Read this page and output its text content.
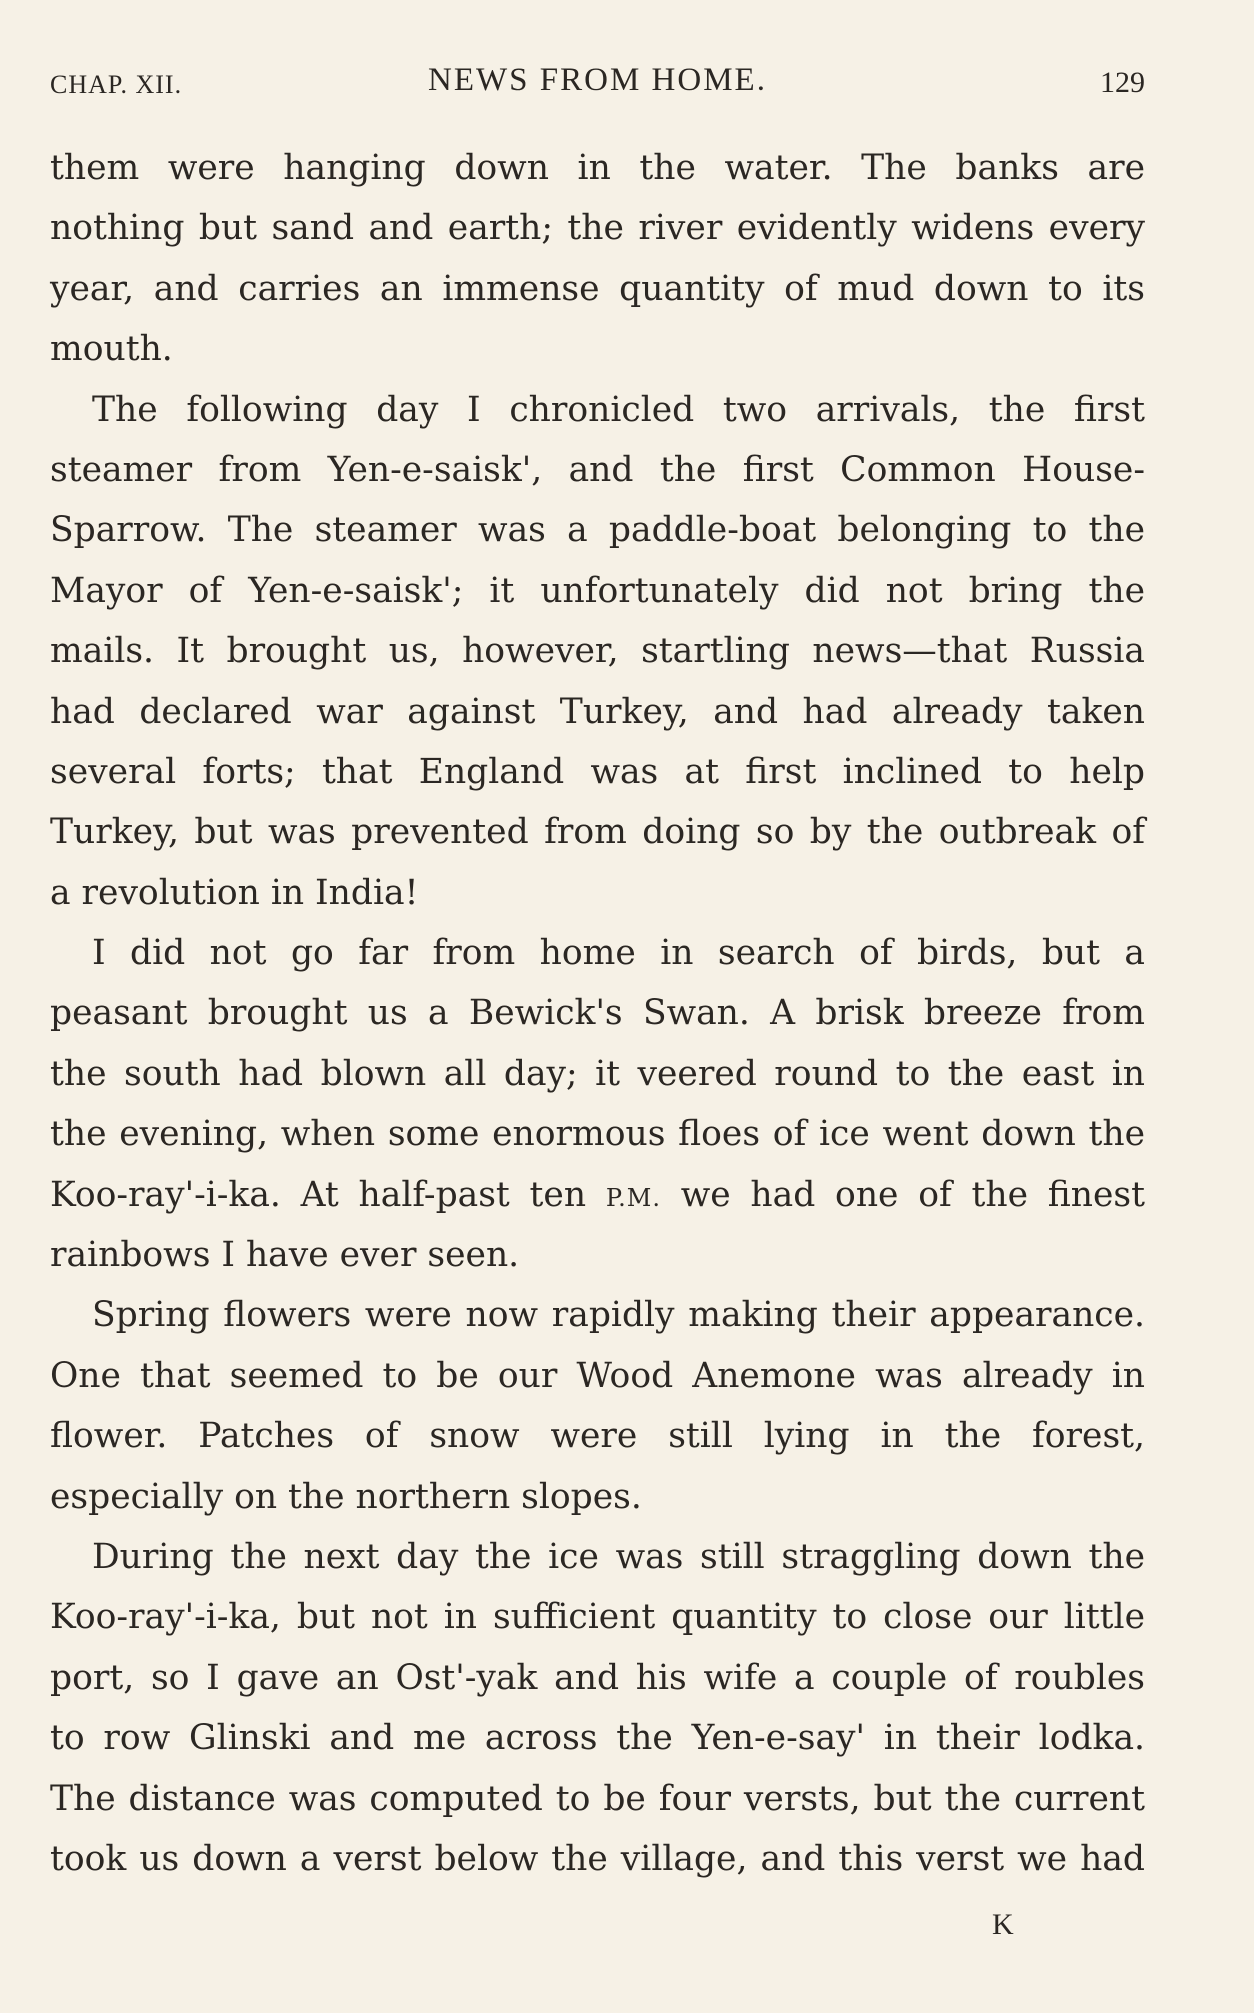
CHAP. XII.	NEWS FROM HOME.	129
them were hanging down in the water. The banks are
nothing but sand and earth; the river evidently widens every
year, and carries an immense quantity of mud down to its
mouth.
The following day I chronicled two arrivals, the first
steamer from Yen-e-saisk', and the first Common House-
Sparrow. The steamer was a paddle-boat belonging to the
Mayor of Yen-e-saisk'; it unfortunately did not bring the
mails. It brought us, however, startling news—that Russia
had declared war against Turkey, and had already taken
several forts; that England was at first inclined to help
Turkey, but was prevented from doing so by the outbreak of
a revolution in India!
I did not go far from home in search of birds, but a
peasant brought us a Bewick's Swan. A brisk breeze from
the south had blown all day; it veered round to the east in
the evening, when some enormous floes of ice went down the
Koo-ray'-i-ka. At half-past ten P.M. we had one of the finest
rainbows I have ever seen.
Spring flowers were now rapidly making their appearance.
One that seemed to be our Wood Anemone was already in
flower. Patches of snow were still lying in the forest,
especially on the northern slopes.
During the next day the ice was still straggling down the
Koo-ray'-i-ka, but not in sufficient quantity to close our little
port, so I gave an Ost'-yak and his wife a couple of roubles
to row Glinski and me across the Yen-e-say' in their lodka.
The distance was computed to be four versts, but the current
took us down a verst below the village, and this verst we had
K
